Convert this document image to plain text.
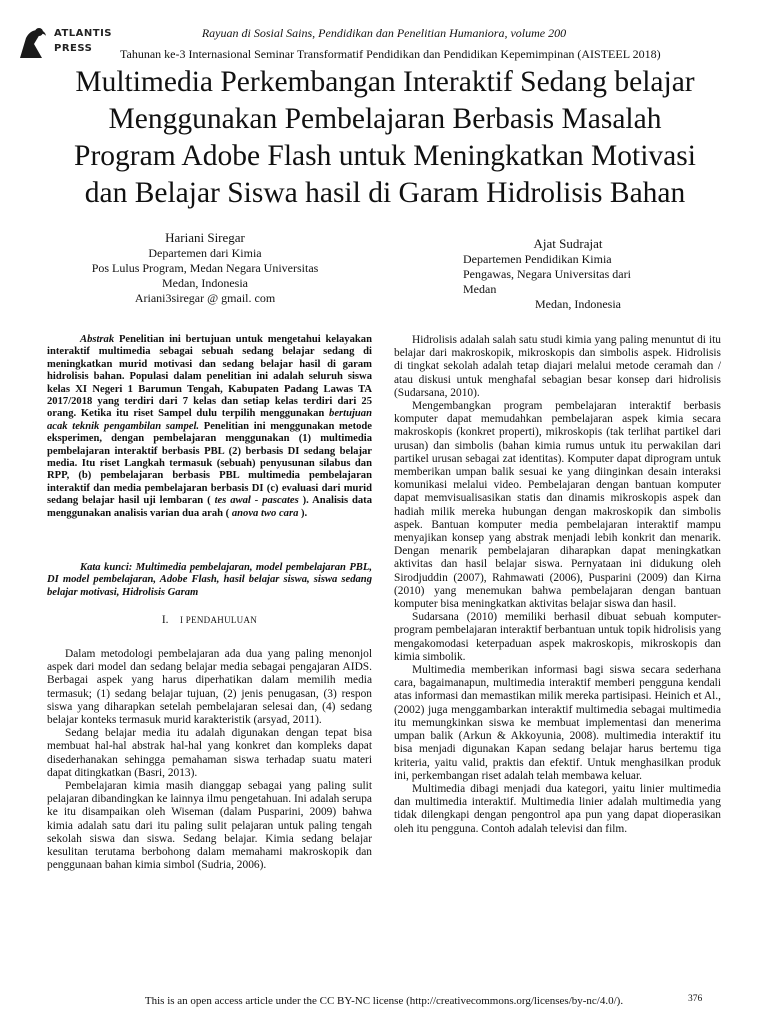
ATLANTIS
PRESS
Rayuan di Sosial Sains, Pendidikan dan Penelitian Humaniora, volume 200
Tahunan ke-3 Internasional Seminar Transformatif Pendidikan dan Pendidikan Kepemimpinan (AISTEEL 2018)
Multimedia Perkembangan Interaktif Sedang belajar
Menggunakan Pembelajaran Berbasis Masalah
Program Adobe Flash untuk Meningkatkan Motivasi
dan Belajar Siswa hasil di Garam Hidrolisis Bahan
Hariani Siregar
Departemen dari Kimia
Pos Lulus Program, Medan Negara Universitas
Medan, Indonesia
Ariani3siregar @ gmail. com
Ajat Sudrajat
Departemen Pendidikan Kimia
Pengawas, Negara Universitas dari
Medan
Medan, Indonesia

Abstrak Penelitian ini bertujuan untuk mengetahui kelayakan interaktif multimedia sebagai sebuah sedang belajar sedang di meningkatkan murid motivasi dan sedang belajar hasil di garam hidrolisis bahan. Populasi dalam penelitian ini adalah seluruh siswa kelas XI Negeri 1 Barumun Tengah, Kabupaten Padang Lawas TA 2017/2018 yang terdiri dari 7 kelas dan setiap kelas terdiri dari 25 orang. Ketika itu riset Sampel dulu terpilih menggunakan bertujuan acak teknik pengambilan sampel. Penelitian ini menggunakan metode eksperimen, dengan pembelajaran menggunakan (1) multimedia pembelajaran interaktif berbasis PBL (2) berbasis DI sedang belajar media. Itu riset Langkah termasuk (sebuah) penyusunan silabus dan RPP, (b) pembelajaran berbasis PBL multimedia pembelajaran interaktif dan media pembelajaran berbasis DI (c) evaluasi dari murid sedang belajar hasil uji lembaran ( tes awal - pascates ). Analisis data menggunakan analisis varian dua arah ( anova two cara ).

Kata kunci: Multimedia pembelajaran, model pembelajaran PBL, DI model pembelajaran, Adobe Flash, hasil belajar siswa, siswa sedang belajar motivasi, Hidrolisis Garam
I. I PENDAHULUAN

Dalam metodologi pembelajaran ada dua yang paling menonjol aspek dari model dan sedang belajar media sebagai pengajaran AIDS. Berbagai aspek yang harus diperhatikan dalam memilih media termasuk; (1) sedang belajar tujuan, (2) jenis penugasan, (3) respon siswa yang diharapkan setelah pembelajaran selesai dan, (4) sedang belajar konteks termasuk murid karakteristik (arsyad, 2011).

Sedang belajar media itu adalah digunakan dengan tepat bisa membuat hal-hal abstrak hal-hal yang konkret dan kompleks dapat disederhanakan sehingga pemahaman siswa terhadap suatu materi dapat ditingkatkan (Basri, 2013).

Pembelajaran kimia masih dianggap sebagai yang paling sulit pelajaran dibandingkan ke lainnya ilmu pengetahuan. Ini adalah serupa ke itu disampaikan oleh Wiseman (dalam Pusparini, 2009) bahwa kimia adalah satu dari itu paling sulit pelajaran untuk paling tengah sekolah siswa dan siswa. Sedang belajar. Kimia sedang belajar kesulitan terutama berbohong dalam memahami makroskopik dan penggunaan bahan kimia simbol (Sudria, 2006).

Hidrolisis adalah salah satu studi kimia yang paling menuntut di itu belajar dari makroskopik, mikroskopis dan simbolis aspek. Hidrolisis di tingkat sekolah adalah tetap diajari melalui metode ceramah dan / atau diskusi untuk menghafal sebagian besar konsep dari hidrolisis (Sudarsana, 2010).

Mengembangkan program pembelajaran interaktif berbasis komputer dapat memudahkan pembelajaran aspek kimia secara makroskopis (konkret properti), mikroskopis (tak terlihat partikel dari urusan) dan simbolis (bahan kimia rumus untuk itu perwakilan dari partikel urusan sebagai zat identitas). Komputer dapat diprogram untuk memberikan umpan balik sesuai ke yang diinginkan desain interaksi komunikasi melalui video. Pembelajaran dengan bantuan komputer dapat memvisualisasikan statis dan dinamis mikroskopis aspek dan hadiah milik mereka hubungan dengan makroskopik dan simbolis aspek. Bantuan komputer media pembelajaran interaktif mampu menyajikan konsep yang abstrak menjadi lebih konkrit dan menarik. Dengan menarik pembelajaran diharapkan dapat meningkatkan aktivitas dan hasil belajar siswa. Pernyataan ini didukung oleh Sirodjuddin (2007), Rahmawati (2006), Pusparini (2009) dan Kirna (2010) yang menemukan bahwa pembelajaran dengan bantuan komputer bisa meningkatkan aktivitas belajar siswa dan hasil.

Sudarsana (2010) memiliki berhasil dibuat sebuah komputer- program pembelajaran interaktif berbantuan untuk topik hidrolisis yang mengakomodasi keterpaduan aspek makroskopis, mikroskopis dan kimia simbolik.

Multimedia memberikan informasi bagi siswa secara sederhana cara, bagaimanapun, multimedia interaktif memberi pengguna kendali atas informasi dan memastikan milik mereka partisipasi. Heinich et Al., (2002) juga menggambarkan interaktif multimedia sebagai multimedia itu memungkinkan siswa ke membuat implementasi dan menerima umpan balik (Arkun & Akkoyunia, 2008). multimedia interaktif itu bisa menjadi digunakan Kapan sedang belajar harus bertemu tiga kriteria, yaitu valid, praktis dan efektif. Untuk menghasilkan produk ini, perkembangan riset adalah telah membawa keluar.

Multimedia dibagi menjadi dua kategori, yaitu linier multimedia dan multimedia interaktif. Multimedia linier adalah multimedia yang tidak dilengkapi dengan pengontrol apa pun yang dapat dioperasikan oleh itu pengguna. Contoh adalah televisi dan film.

This is an open access article under the CC BY-NC license (http://creativecommons.org/licenses/by-nc/4.0/).	376
